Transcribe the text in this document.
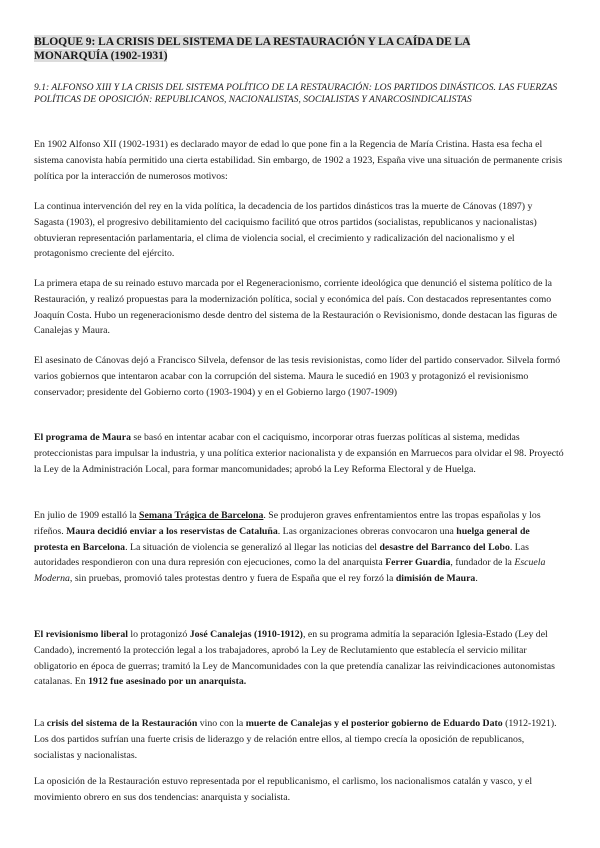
BLOQUE 9: LA CRISIS DEL SISTEMA DE LA RESTAURACIÓN Y LA CAÍDA DE LA MONARQUÍA (1902-1931)
9.1: ALFONSO XIII Y LA CRISIS DEL SISTEMA POLÍTICO DE LA RESTAURACIÓN: LOS PARTIDOS DINÁSTICOS. LAS FUERZAS POLÍTICAS DE OPOSICIÓN: REPUBLICANOS, NACIONALISTAS, SOCIALISTAS Y ANARCOSINDICALISTAS
En 1902 Alfonso XII (1902-1931) es declarado mayor de edad lo que pone fin a la Regencia de María Cristina. Hasta esa fecha el sistema canovista había permitido una cierta estabilidad. Sin embargo, de 1902 a 1923, España vive una situación de permanente crisis política por la interacción de numerosos motivos:
La continua intervención del rey en la vida política, la decadencia de los partidos dinásticos tras la muerte de Cánovas (1897) y Sagasta (1903), el progresivo debilitamiento del caciquismo facilitó que otros partidos (socialistas, republicanos y nacionalistas) obtuvieran representación parlamentaria, el clima de violencia social, el crecimiento y radicalización del nacionalismo y el protagonismo creciente del ejército.
La primera etapa de su reinado estuvo marcada por el Regeneracionismo, corriente ideológica que denunció el sistema político de la Restauración, y realizó propuestas para la modernización política, social y económica del país. Con destacados representantes como Joaquín Costa. Hubo un regeneracionismo desde dentro del sistema de la Restauración o Revisionismo, donde destacan las figuras de Canalejas y Maura.
El asesinato de Cánovas dejó a Francisco Silvela, defensor de las tesis revisionistas, como líder del partido conservador. Silvela formó varios gobiernos que intentaron acabar con la corrupción del sistema. Maura le sucedió en 1903 y protagonizó el revisionismo conservador; presidente del Gobierno corto (1903-1904) y en el Gobierno largo (1907-1909)
El programa de Maura se basó en intentar acabar con el caciquismo, incorporar otras fuerzas políticas al sistema, medidas proteccionistas para impulsar la industria, y una política exterior nacionalista y de expansión en Marruecos para olvidar el 98. Proyectó la Ley de la Administración Local, para formar mancomunidades; aprobó la Ley Reforma Electoral y de Huelga.
En julio de 1909 estalló la Semana Trágica de Barcelona. Se produjeron graves enfrentamientos entre las tropas españolas y los rifeños. Maura decidió enviar a los reservistas de Cataluña. Las organizaciones obreras convocaron una huelga general de protesta en Barcelona. La situación de violencia se generalizó al llegar las noticias del desastre del Barranco del Lobo. Las autoridades respondieron con una dura represión con ejecuciones, como la del anarquista Ferrer Guardia, fundador de la Escuela Moderna, sin pruebas, promovió tales protestas dentro y fuera de España que el rey forzó la dimisión de Maura.
El revisionismo liberal lo protagonizó José Canalejas (1910-1912), en su programa admitía la separación Iglesia-Estado (Ley del Candado), incrementó la protección legal a los trabajadores, aprobó la Ley de Reclutamiento que establecía el servicio militar obligatorio en época de guerras; tramitó la Ley de Mancomunidades con la que pretendía canalizar las reivindicaciones autonomistas catalanas. En 1912 fue asesinado por un anarquista.
La crisis del sistema de la Restauración vino con la muerte de Canalejas y el posterior gobierno de Eduardo Dato (1912-1921). Los dos partidos sufrían una fuerte crisis de liderazgo y de relación entre ellos, al tiempo crecía la oposición de republicanos, socialistas y nacionalistas.
La oposición de la Restauración estuvo representada por el republicanismo, el carlismo, los nacionalismos catalán y vasco, y el movimiento obrero en sus dos tendencias: anarquista y socialista.
